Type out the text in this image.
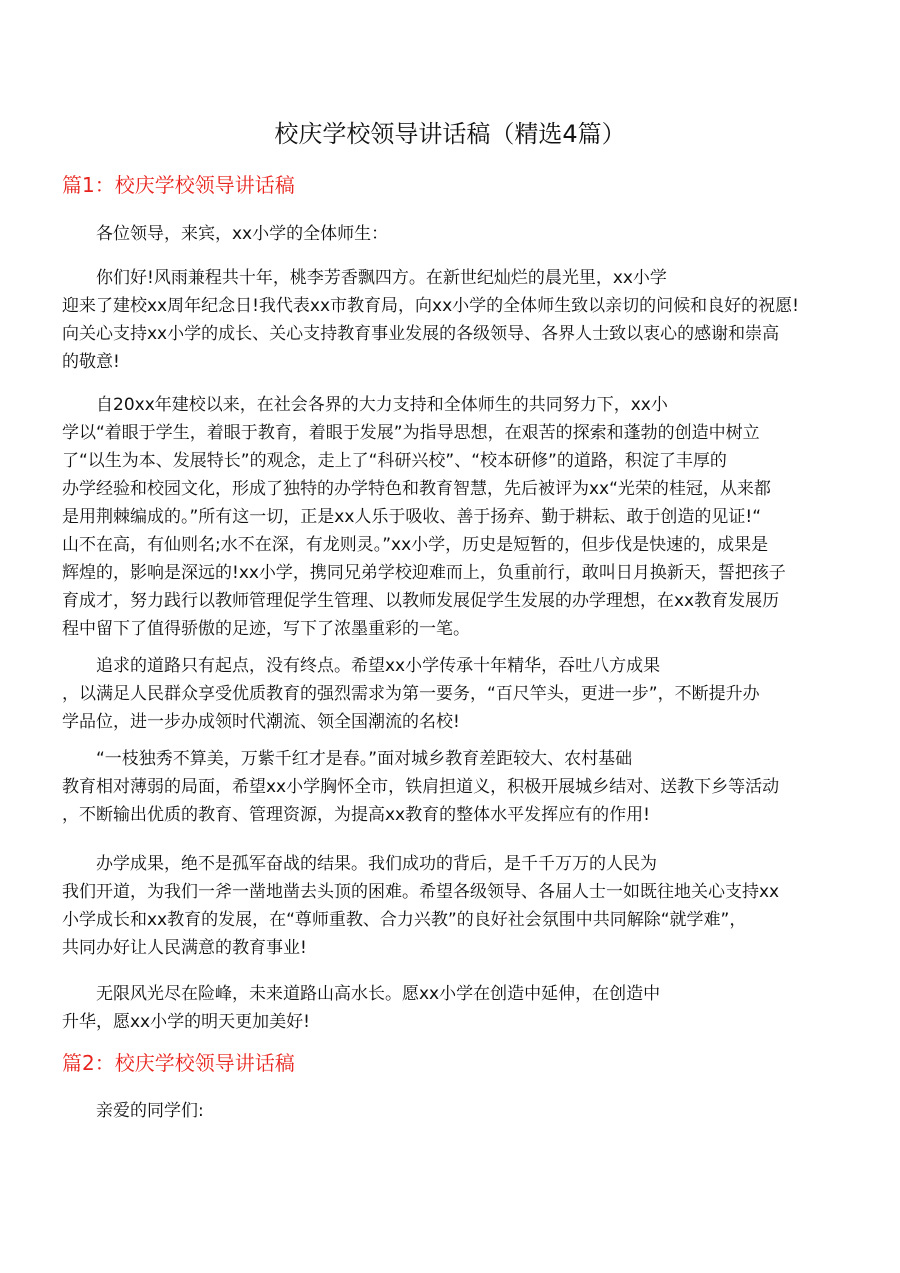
校庆学校领导讲话稿（精选4篇）
篇1：校庆学校领导讲话稿
各位领导，来宾，xx小学的全体师生：
你们好!风雨兼程共十年，桃李芳香飘四方。在新世纪灿烂的晨光里，xx小学
迎来了建校xx周年纪念日!我代表xx市教育局，向xx小学的全体师生致以亲切的问候和良好的祝愿!
向关心支持xx小学的成长、关心支持教育事业发展的各级领导、各界人士致以衷心的感谢和崇高
的敬意!
自20xx年建校以来，在社会各界的大力支持和全体师生的共同努力下，xx小
学以“着眼于学生，着眼于教育，着眼于发展”为指导思想，在艰苦的探索和蓬勃的创造中树立
了“以生为本、发展特长”的观念，走上了“科研兴校”、“校本研修”的道路，积淀了丰厚的
办学经验和校园文化，形成了独特的办学特色和教育智慧，先后被评为xx“光荣的桂冠，从来都
是用荆棘编成的。”所有这一切，正是xx人乐于吸收、善于扬弃、勤于耕耘、敢于创造的见证!“
山不在高，有仙则名;水不在深，有龙则灵。”xx小学，历史是短暂的，但步伐是快速的，成果是
辉煌的，影响是深远的!xx小学，携同兄弟学校迎难而上，负重前行，敢叫日月换新天，誓把孩子
育成才，努力践行以教师管理促学生管理、以教师发展促学生发展的办学理想，在xx教育发展历
程中留下了值得骄傲的足迹，写下了浓墨重彩的一笔。
追求的道路只有起点，没有终点。希望xx小学传承十年精华，吞吐八方成果
，以满足人民群众享受优质教育的强烈需求为第一要务，“百尺竿头，更进一步”，不断提升办
学品位，进一步办成领时代潮流、领全国潮流的名校!
“一枝独秀不算美，万紫千红才是春。”面对城乡教育差距较大、农村基础
教育相对薄弱的局面，希望xx小学胸怀全市，铁肩担道义，积极开展城乡结对、送教下乡等活动
，不断输出优质的教育、管理资源，为提高xx教育的整体水平发挥应有的作用!
办学成果，绝不是孤军奋战的结果。我们成功的背后，是千千万万的人民为
我们开道，为我们一斧一凿地凿去头顶的困难。希望各级领导、各届人士一如既往地关心支持xx
小学成长和xx教育的发展，在“尊师重教、合力兴教”的良好社会氛围中共同解除“就学难”，
共同办好让人民满意的教育事业!
无限风光尽在险峰，未来道路山高水长。愿xx小学在创造中延伸，在创造中
升华，愿xx小学的明天更加美好!
篇2：校庆学校领导讲话稿
亲爱的同学们:
